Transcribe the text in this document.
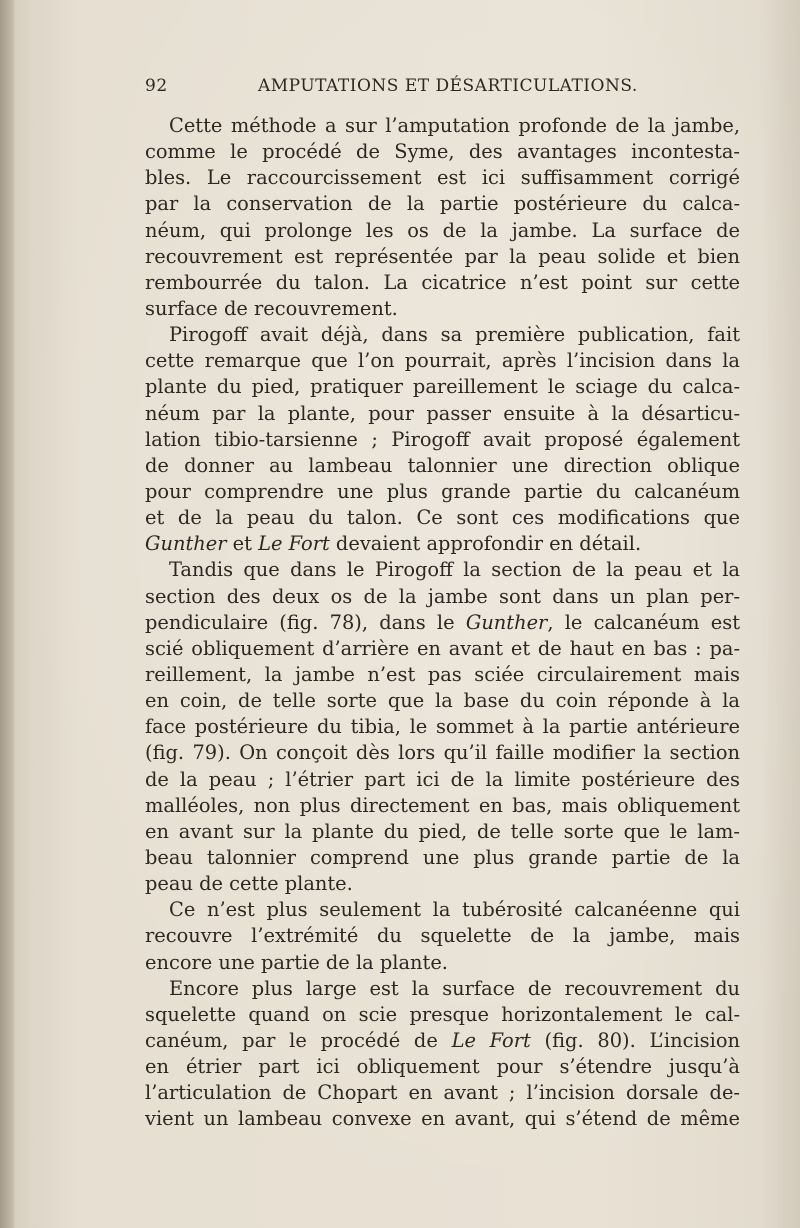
92	AMPUTATIONS ET DÉSARTICULATIONS.
Cette méthode a sur l’amputation profonde de la jambe,
comme le procédé de Syme, des avantages incontesta-
bles. Le raccourcissement est ici suffisamment corrigé
par la conservation de la partie postérieure du calca-
néum, qui prolonge les os de la jambe. La surface de
recouvrement est représentée par la peau solide et bien
rembourrée du talon. La cicatrice n’est point sur cette
surface de recouvrement.
Pirogoff avait déjà, dans sa première publication, fait
cette remarque que l’on pourrait, après l’incision dans la
plante du pied, pratiquer pareillement le sciage du calca-
néum par la plante, pour passer ensuite à la désarticu-
lation tibio-tarsienne ; Pirogoff avait proposé également
de donner au lambeau talonnier une direction oblique
pour comprendre une plus grande partie du calcanéum
et de la peau du talon. Ce sont ces modifications que
Gunther et Le Fort devaient approfondir en détail.
Tandis que dans le Pirogoff la section de la peau et la
section des deux os de la jambe sont dans un plan per-
pendiculaire (fig. 78), dans le Gunther, le calcanéum est
scié obliquement d’arrière en avant et de haut en bas : pa-
reillement, la jambe n’est pas sciée circulairement mais
en coin, de telle sorte que la base du coin réponde à la
face postérieure du tibia, le sommet à la partie antérieure
(fig. 79). On conçoit dès lors qu’il faille modifier la section
de la peau ; l’étrier part ici de la limite postérieure des
malléoles, non plus directement en bas, mais obliquement
en avant sur la plante du pied, de telle sorte que le lam-
beau talonnier comprend une plus grande partie de la
peau de cette plante.
Ce n’est plus seulement la tubérosité calcanéenne qui
recouvre l’extrémité du squelette de la jambe, mais
encore une partie de la plante.
Encore plus large est la surface de recouvrement du
squelette quand on scie presque horizontalement le cal-
canéum, par le procédé de Le Fort (fig. 80). L’incision
en étrier part ici obliquement pour s’étendre jusqu’à
l’articulation de Chopart en avant ; l’incision dorsale de-
vient un lambeau convexe en avant, qui s’étend de même
